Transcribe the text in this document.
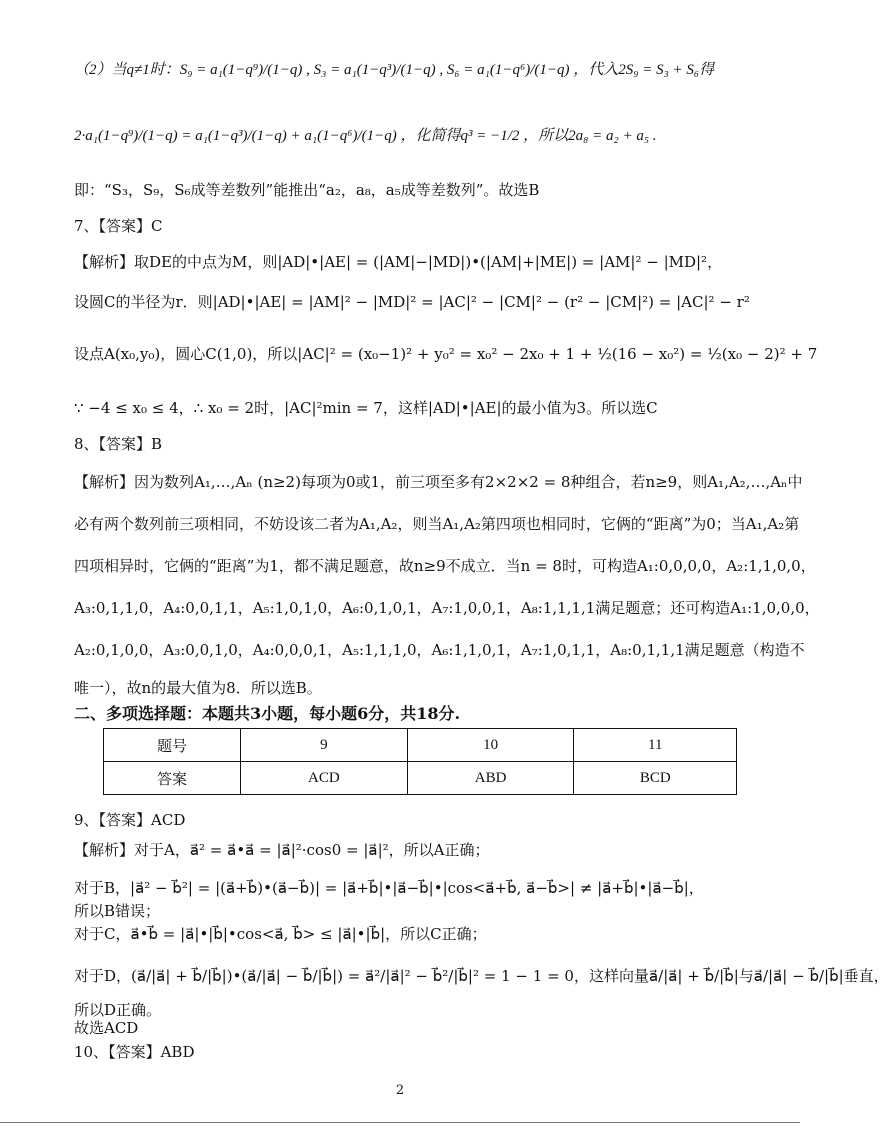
（2）当q≠1时：S₉ = a₁(1−q⁹)/(1−q) , S₃ = a₁(1−q³)/(1−q) , S₆ = a₁(1−q⁶)/(1−q) ，代入2S₉ = S₃ + S₆得
2·a₁(1−q⁹)/(1−q) = a₁(1−q³)/(1−q) + a₁(1−q⁶)/(1−q) ，化简得q³ = −1/2 ，所以2a₈ = a₂ + a₅ .
即：“S₃，S₉，S₆成等差数列”能推出“a₂，a₈，a₅成等差数列”。故选B
7、【答案】C
【解析】取DE的中点为M，则|AD|•|AE| = (|AM|−|MD|)•(|AM|+|ME|) = |AM|² − |MD|²，
设圆C的半径为r．则|AD|•|AE| = |AM|² − |MD|² = |AC|² − |CM|² − (r² − |CM|²) = |AC|² − r²
设点A(x₀,y₀)，圆心C(1,0)，所以|AC|² = (x₀−1)² + y₀² = x₀² − 2x₀ + 1 + ½(16 − x₀²) = ½(x₀ − 2)² + 7
∵ −4 ≤ x₀ ≤ 4，∴ x₀ = 2时，|AC|²min = 7，这样|AD|•|AE|的最小值为3。所以选C
8、【答案】B
【解析】因为数列A₁,…,Aₙ (n≥2)每项为0或1，前三项至多有2×2×2 = 8种组合，若n≥9，则A₁,A₂,…,Aₙ中
必有两个数列前三项相同，不妨设该二者为A₁,A₂，则当A₁,A₂第四项也相同时，它俩的“距离”为0；当A₁,A₂第
四项相异时，它俩的“距离”为1，都不满足题意，故n≥9不成立．当n = 8时，可构造A₁:0,0,0,0，A₂:1,1,0,0，
A₃:0,1,1,0，A₄:0,0,1,1，A₅:1,0,1,0，A₆:0,1,0,1，A₇:1,0,0,1，A₈:1,1,1,1满足题意；还可构造A₁:1,0,0,0，
A₂:0,1,0,0，A₃:0,0,1,0，A₄:0,0,0,1，A₅:1,1,1,0，A₆:1,1,0,1，A₇:1,0,1,1，A₈:0,1,1,1满足题意（构造不
唯一），故n的最大值为8．所以选B。
二、多项选择题：本题共3小题，每小题6分，共18分.
题号	9	10	11
答案	ACD	ABD	BCD
9、【答案】ACD
【解析】对于A，a⃗² = a⃗•a⃗ = |a⃗|²·cos0 = |a⃗|²，所以A正确；
对于B，|a⃗² − b⃗²| = |(a⃗+b⃗)•(a⃗−b⃗)| = |a⃗+b⃗|•|a⃗−b⃗|•|cos<a⃗+b⃗, a⃗−b⃗>| ≠ |a⃗+b⃗|•|a⃗−b⃗|，
所以B错误；
对于C，a⃗•b⃗ = |a⃗|•|b⃗|•cos<a⃗, b⃗> ≤ |a⃗|•|b⃗|，所以C正确；
对于D，(a⃗/|a⃗| + b⃗/|b⃗|)•(a⃗/|a⃗| − b⃗/|b⃗|) = a⃗²/|a⃗|² − b⃗²/|b⃗|² = 1 − 1 = 0，这样向量a⃗/|a⃗| + b⃗/|b⃗|与a⃗/|a⃗| − b⃗/|b⃗|垂直，
所以D正确。
故选ACD
10、【答案】ABD
2
